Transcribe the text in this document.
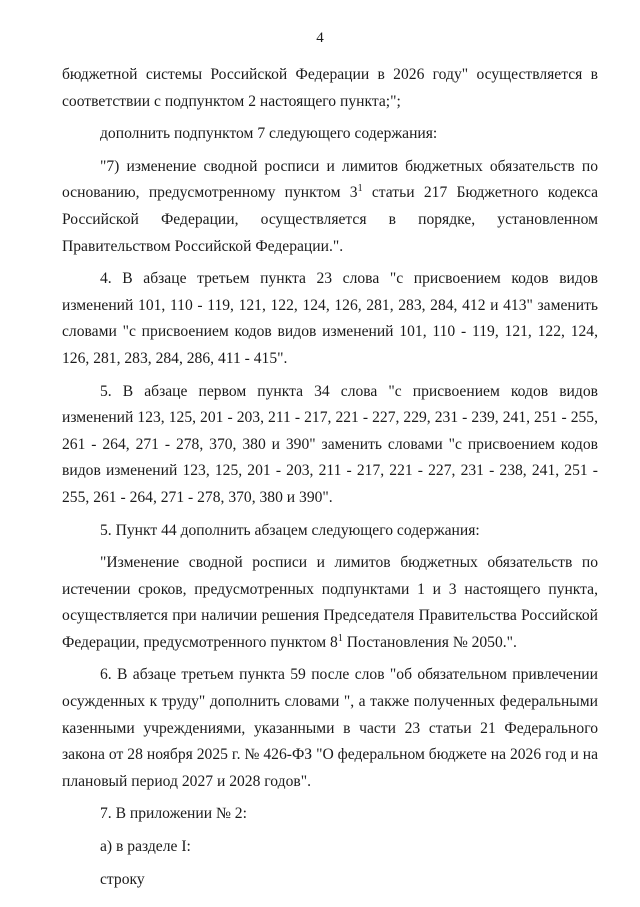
4

бюджетной системы Российской Федерации в 2026 году" осуществляется в соответствии с подпунктом 2 настоящего пункта;";

дополнить подпунктом 7 следующего содержания:

"7) изменение сводной росписи и лимитов бюджетных обязательств по основанию, предусмотренному пунктом $3^1$ статьи 217 Бюджетного кодекса Российской Федерации, осуществляется в порядке, установленном Правительством Российской Федерации.".

4. В абзаце третьем пункта 23 слова "с присвоением кодов видов изменений 101, 110 - 119, 121, 122, 124, 126, 281, 283, 284, 412 и 413" заменить словами "с присвоением кодов видов изменений 101, 110 - 119, 121, 122, 124, 126, 281, 283, 284, 286, 411 - 415".

5. В абзаце первом пункта 34 слова "с присвоением кодов видов изменений 123, 125, 201 - 203, 211 - 217, 221 - 227, 229, 231 - 239, 241, 251 - 255, 261 - 264, 271 - 278, 370, 380 и 390" заменить словами "с присвоением кодов видов изменений 123, 125, 201 - 203, 211 - 217, 221 - 227, 231 - 238, 241, 251 - 255, 261 - 264, 271 - 278, 370, 380 и 390".

5. Пункт 44 дополнить абзацем следующего содержания:

"Изменение сводной росписи и лимитов бюджетных обязательств по истечении сроков, предусмотренных подпунктами 1 и 3 настоящего пункта, осуществляется при наличии решения Председателя Правительства Российской Федерации, предусмотренного пунктом $8^1$ Постановления № 2050.".

6. В абзаце третьем пункта 59 после слов "об обязательном привлечении осужденных к труду" дополнить словами ", а также полученных федеральными казенными учреждениями, указанными в части 23 статьи 21 Федерального закона от 28 ноября 2025 г. № 426-ФЗ "О федеральном бюджете на 2026 год и на плановый период 2027 и 2028 годов".

7. В приложении № 2:

а) в разделе I:

строку
